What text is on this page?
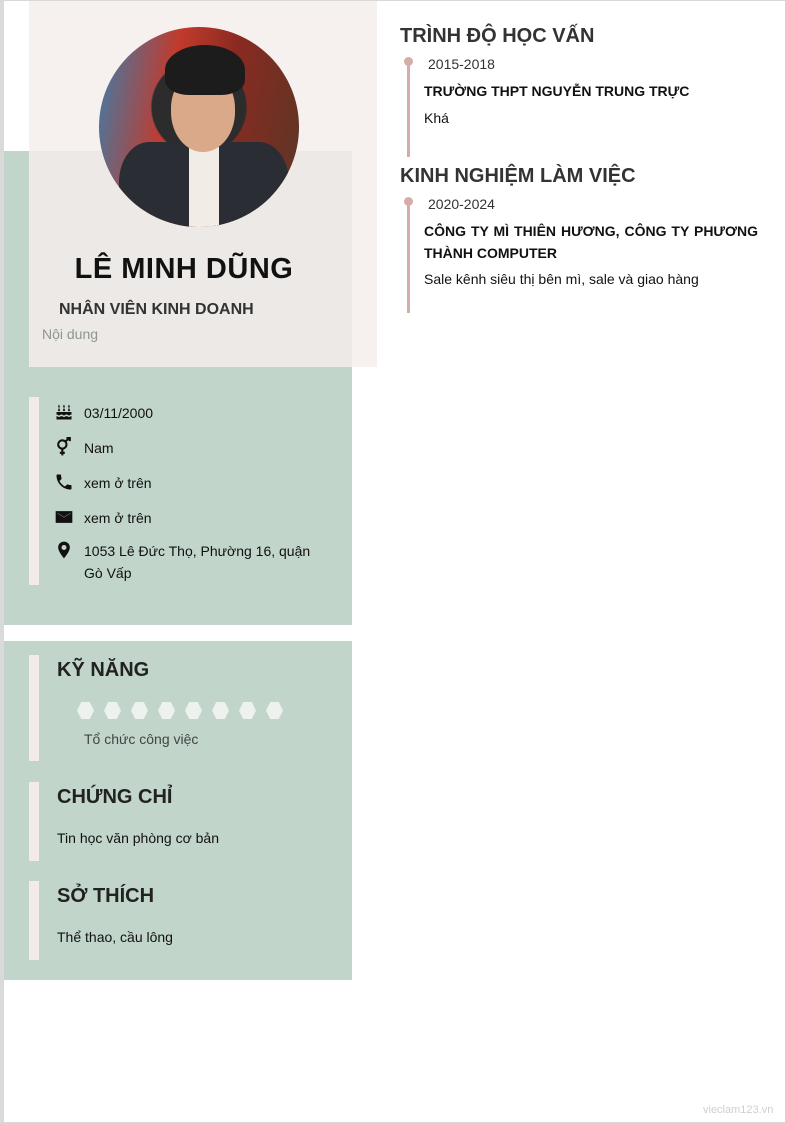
LÊ MINH DŨNG
NHÂN VIÊN KINH DOANH
Nội dung
03/11/2000
Nam
xem ở trên
xem ở trên
1053 Lê Đức Thọ, Phường 16, quận Gò Vấp
KỸ NĂNG
Tổ chức công việc
CHỨNG CHỈ
Tin học văn phòng cơ bản
SỞ THÍCH
Thể thao, cầu lông
TRÌNH ĐỘ HỌC VẤN
2015-2018
TRƯỜNG THPT NGUYỄN TRUNG TRỰC
Khá
KINH NGHIỆM LÀM VIỆC
2020-2024
CÔNG TY MÌ THIÊN HƯƠNG, CÔNG TY PHƯƠNG THÀNH COMPUTER
Sale kênh siêu thị bên mì, sale và giao hàng
vieclam123.vn
